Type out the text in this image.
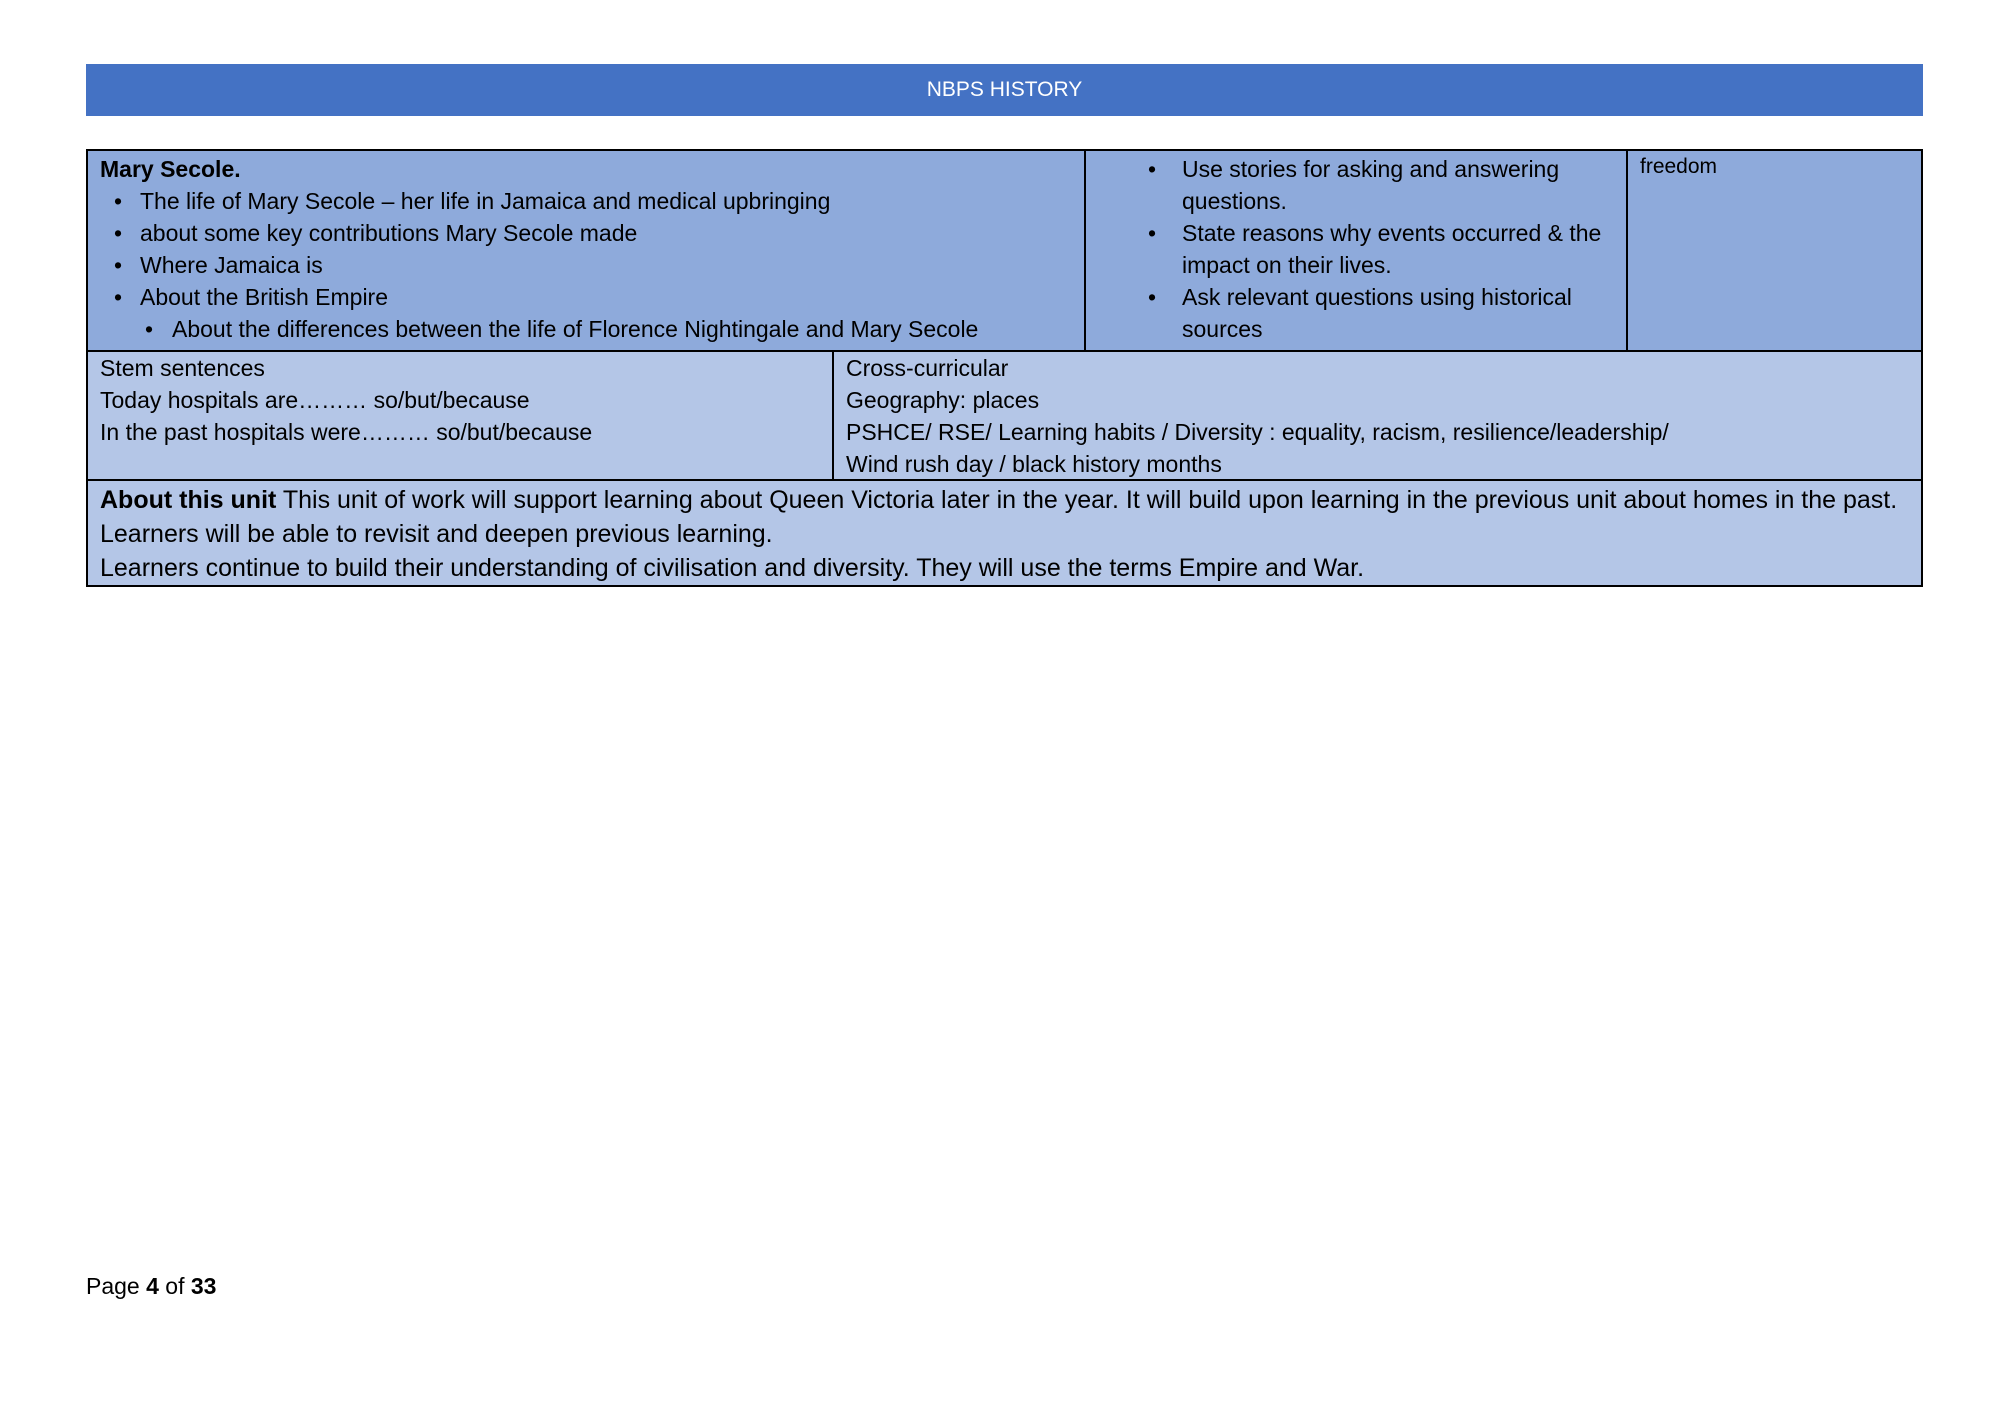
NBPS HISTORY
Mary Secole.
• The life of Mary Secole – her life in Jamaica and medical upbringing
• about some key contributions Mary Secole made
• Where Jamaica is
• About the British Empire
• About the differences between the life of Florence Nightingale and Mary Secole
• Use stories for asking and answering questions.
• State reasons why events occurred & the impact on their lives.
• Ask relevant questions using historical sources
freedom
Stem sentences
Today hospitals are……… so/but/because
In the past hospitals were……… so/but/because
Cross-curricular
Geography: places
PSHCE/ RSE/ Learning habits / Diversity : equality, racism, resilience/leadership/
Wind rush day / black history months
About this unit This unit of work will support learning about Queen Victoria later in the year. It will build upon learning in the previous unit about homes in the past. Learners will be able to revisit and deepen previous learning.
Learners continue to build their understanding of civilisation and diversity. They will use the terms Empire and War.
Page 4 of 33
